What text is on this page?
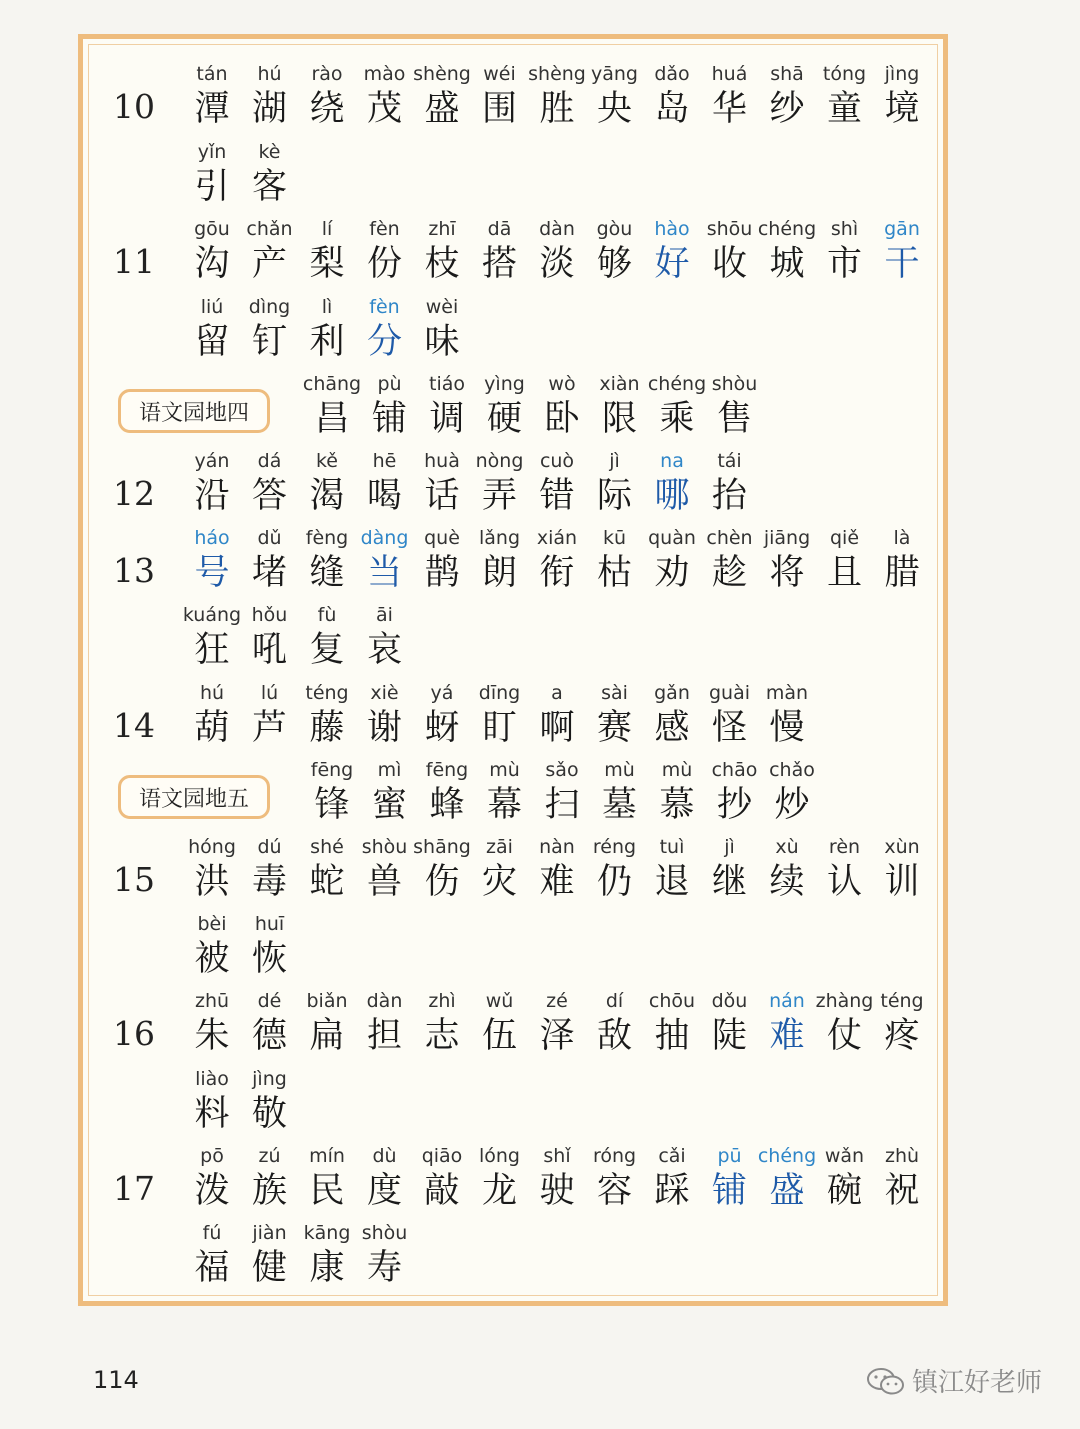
10
tán
潭
hú
湖
rào
绕
mào
茂
shèng
盛
wéi
围
shèng
胜
yāng
央
dǎo
岛
huá
华
shā
纱
tóng
童
jìng
境
yǐn
引
kè
客
11
gōu
沟
chǎn
产
lí
梨
fèn
份
zhī
枝
dā
搭
dàn
淡
gòu
够
hào
好
shōu
收
chéng
城
shì
市
gān
干
liú
留
dìng
钉
lì
利
fèn
分
wèi
味
语文园地四
chāng
昌
pù
铺
tiáo
调
yìng
硬
wò
卧
xiàn
限
chéng
乘
shòu
售
12
yán
沿
dá
答
kě
渴
hē
喝
huà
话
nòng
弄
cuò
错
jì
际
na
哪
tái
抬
13
háo
号
dǔ
堵
fèng
缝
dàng
当
què
鹊
lǎng
朗
xián
衔
kū
枯
quàn
劝
chèn
趁
jiāng
将
qiě
且
là
腊
kuáng
狂
hǒu
吼
fù
复
āi
哀
14
hú
葫
lú
芦
téng
藤
xiè
谢
yá
蚜
dīng
盯
a
啊
sài
赛
gǎn
感
guài
怪
màn
慢
语文园地五
fēng
锋
mì
蜜
fēng
蜂
mù
幕
sǎo
扫
mù
墓
mù
慕
chāo
抄
chǎo
炒
15
hóng
洪
dú
毒
shé
蛇
shòu
兽
shāng
伤
zāi
灾
nàn
难
réng
仍
tuì
退
jì
继
xù
续
rèn
认
xùn
训
bèi
被
huī
恢
16
zhū
朱
dé
德
biǎn
扁
dàn
担
zhì
志
wǔ
伍
zé
泽
dí
敌
chōu
抽
dǒu
陡
nán
难
zhàng
仗
téng
疼
liào
料
jìng
敬
17
pō
泼
zú
族
mín
民
dù
度
qiāo
敲
lóng
龙
shǐ
驶
róng
容
cǎi
踩
pū
铺
chéng
盛
wǎn
碗
zhù
祝
fú
福
jiàn
健
kāng
康
shòu
寿
114	镇江好老师
